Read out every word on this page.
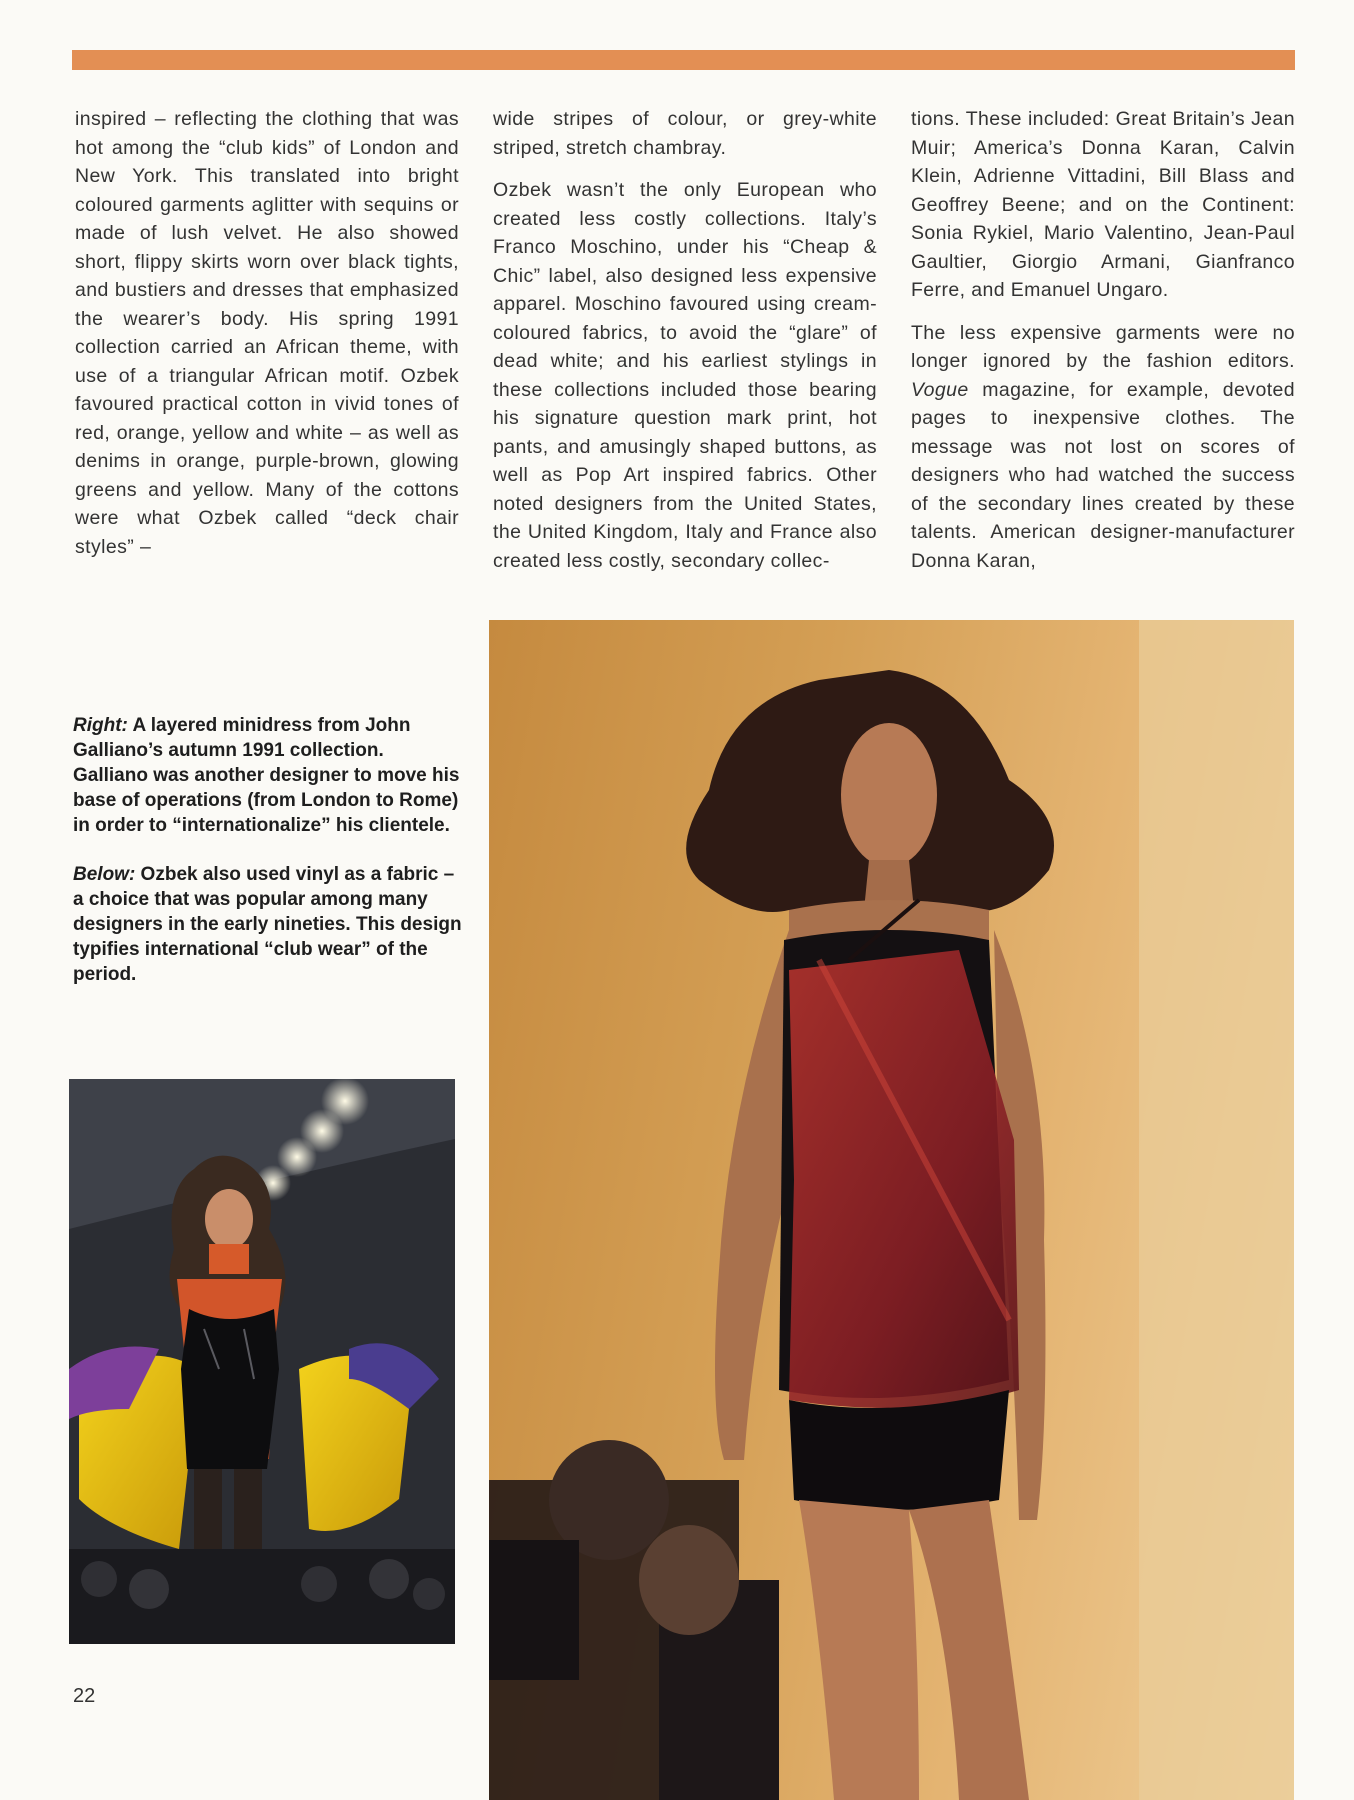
inspired – reflecting the clothing that was hot among the “club kids” of London and New York. This translated into bright coloured garments aglitter with sequins or made of lush velvet. He also showed short, flippy skirts worn over black tights, and bustiers and dresses that emphasized the wearer’s body. His spring 1991 collection carried an African theme, with use of a triangular African motif. Ozbek favoured practical cotton in vivid tones of red, orange, yellow and white – as well as denims in orange, purple-brown, glowing greens and yellow. Many of the cottons were what Ozbek called “deck chair styles” –

wide stripes of colour, or grey-white striped, stretch chambray.

Ozbek wasn’t the only European who created less costly collections. Italy’s Franco Moschino, under his “Cheap & Chic” label, also designed less expensive apparel. Moschino favoured using cream-coloured fabrics, to avoid the “glare” of dead white; and his earliest stylings in these collections included those bearing his signature question mark print, hot pants, and amusingly shaped buttons, as well as Pop Art inspired fabrics. Other noted designers from the United States, the United Kingdom, Italy and France also created less costly, secondary collec-

tions. These included: Great Britain’s Jean Muir; America’s Donna Karan, Calvin Klein, Adrienne Vittadini, Bill Blass and Geoffrey Beene; and on the Continent: Sonia Rykiel, Mario Valentino, Jean-Paul Gaultier, Giorgio Armani, Gianfranco Ferre, and Emanuel Ungaro.

The less expensive garments were no longer ignored by the fashion editors. Vogue magazine, for example, devoted pages to inexpensive clothes. The message was not lost on scores of designers who had watched the success of the secondary lines created by these talents. American designer-manufacturer Donna Karan,

Right: A layered minidress from John Galliano’s autumn 1991 collection. Galliano was another designer to move his base of operations (from London to Rome) in order to “internationalize” his clientele.

Below: Ozbek also used vinyl as a fabric – a choice that was popular among many designers in the early nineties. This design typifies international “club wear” of the period.

22
